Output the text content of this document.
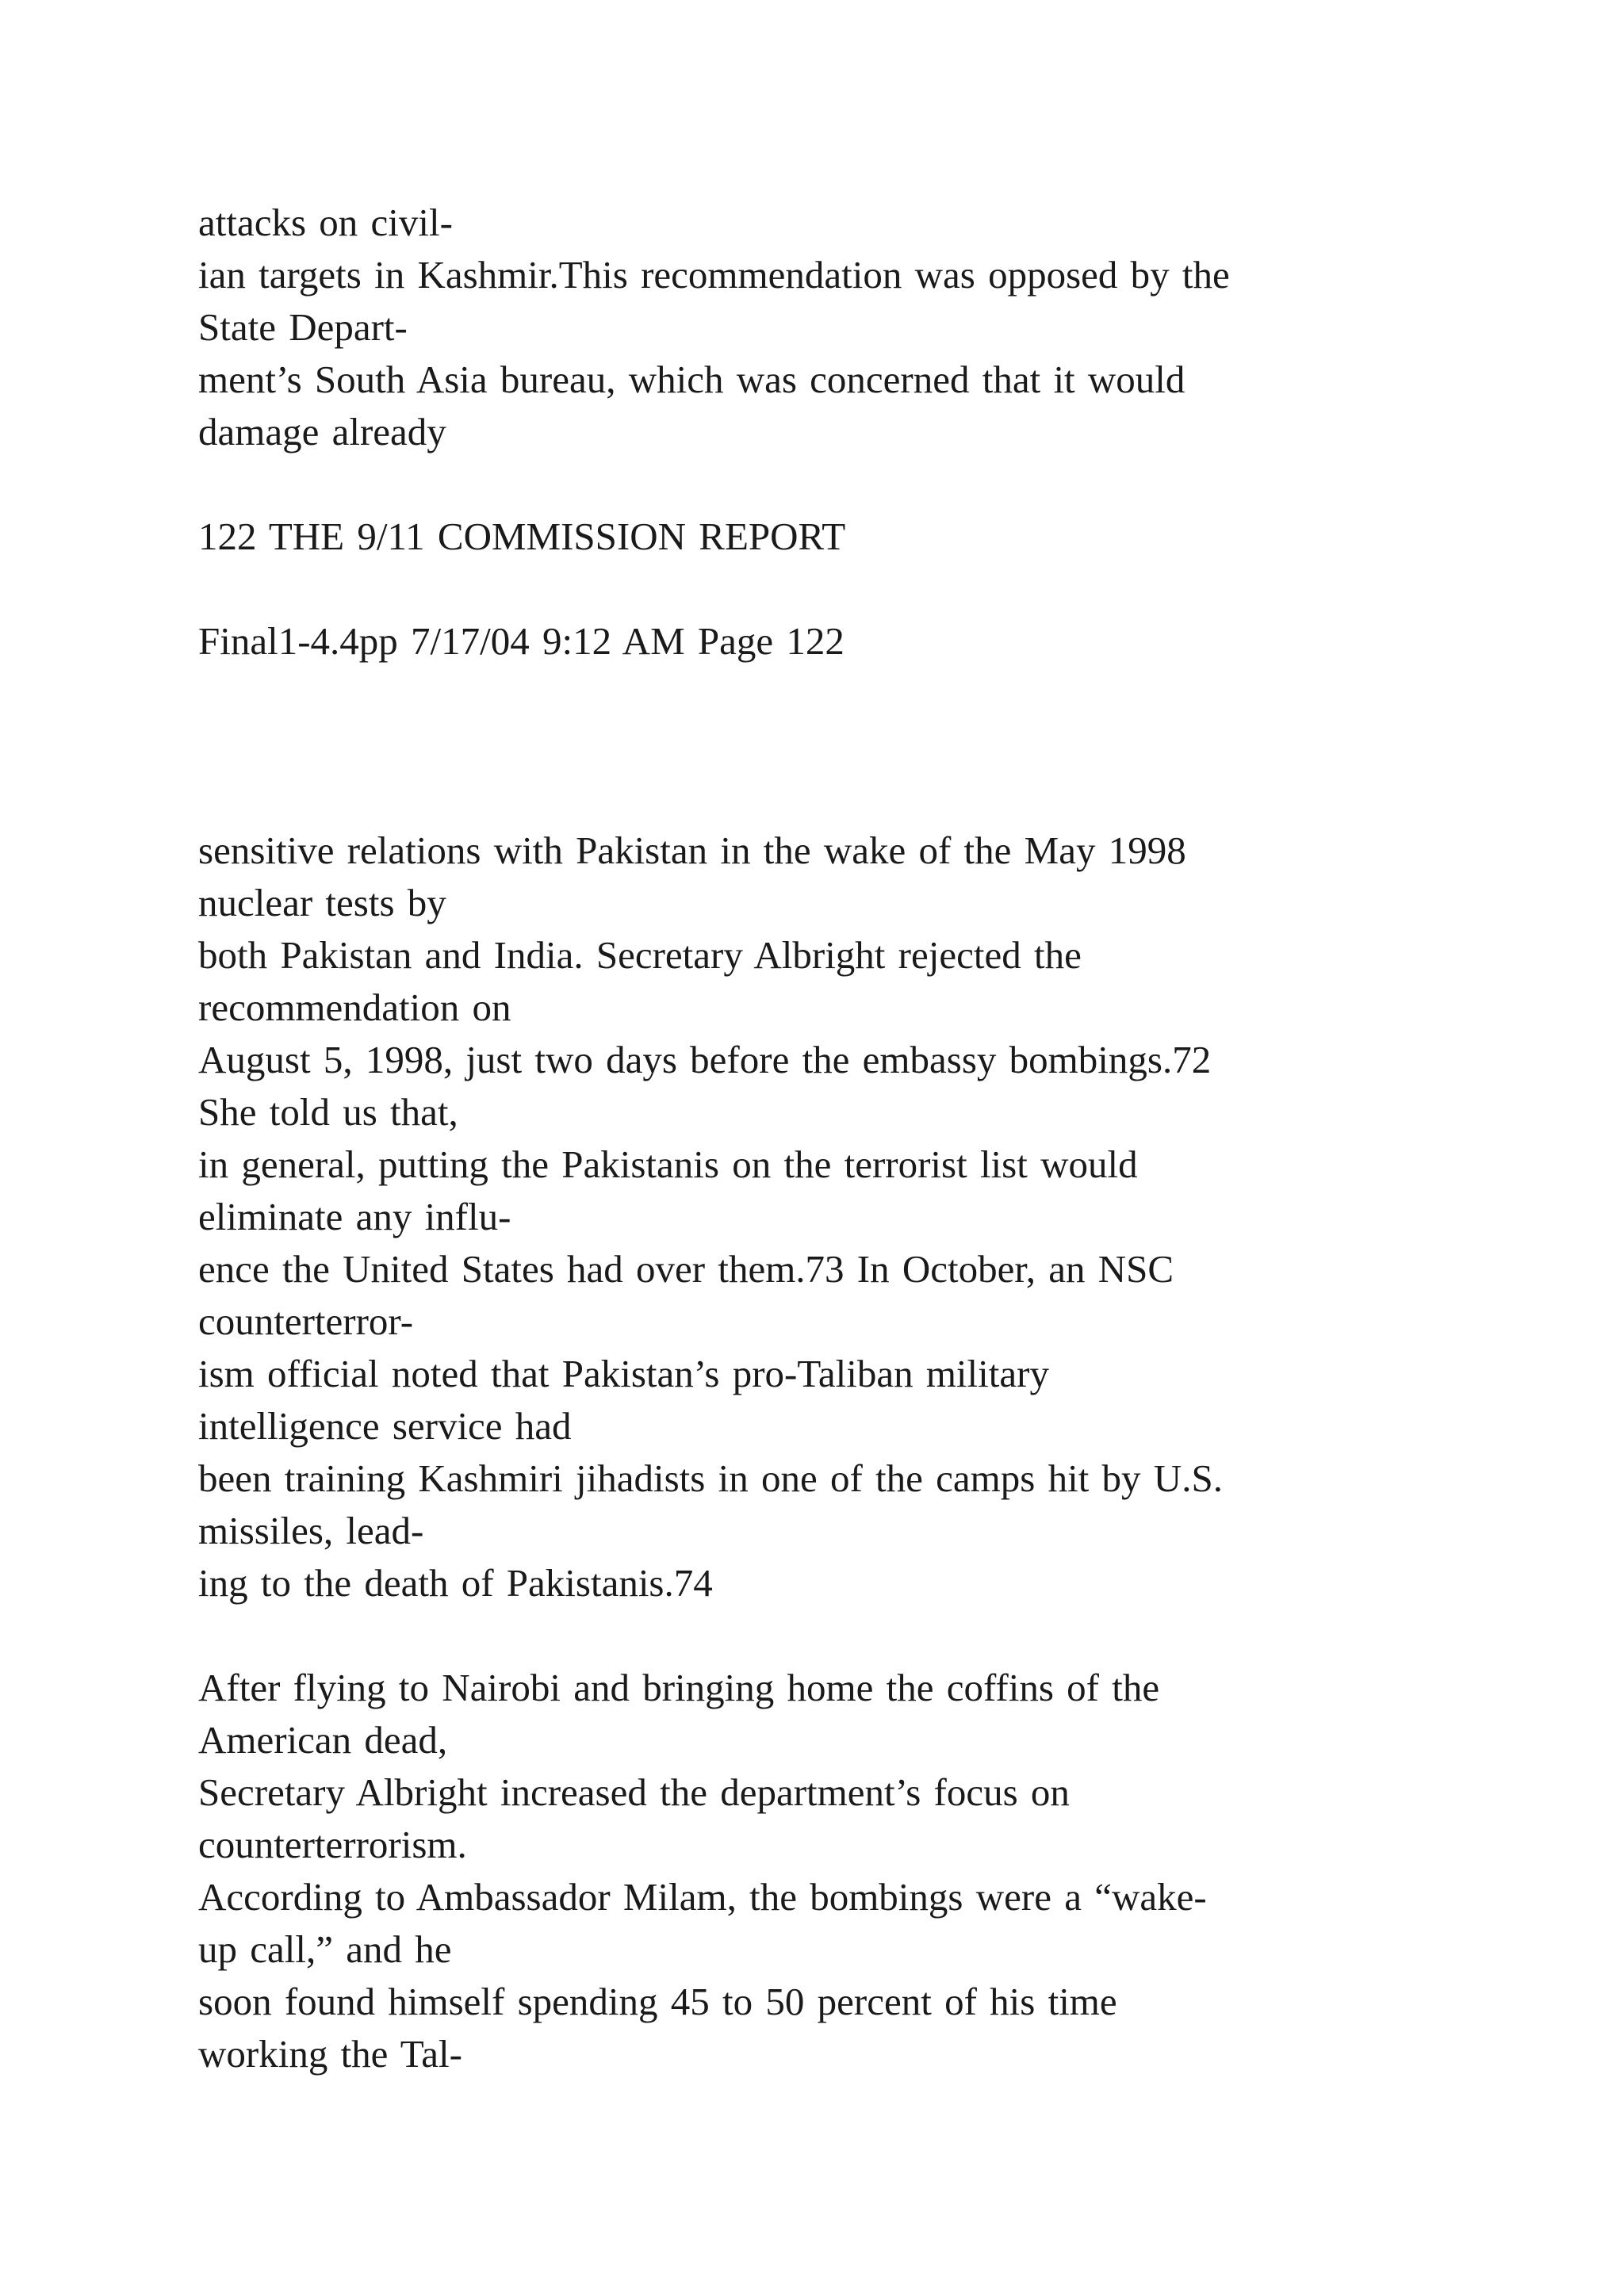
attacks on civil-
ian targets in Kashmir.This recommendation was opposed by the
State Depart-
ment’s South Asia bureau, which was concerned that it would
damage already
122 THE 9/11 COMMISSION REPORT
Final1-4.4pp 7/17/04 9:12 AM Page 122
sensitive relations with Pakistan in the wake of the May 1998
nuclear tests by
both Pakistan and India. Secretary Albright rejected the
recommendation on
August 5, 1998, just two days before the embassy bombings.72
She told us that,
in general, putting the Pakistanis on the terrorist list would
eliminate any influ-
ence the United States had over them.73 In October, an NSC
counterterror-
ism official noted that Pakistan’s pro-Taliban military
intelligence service had
been training Kashmiri jihadists in one of the camps hit by U.S.
missiles, lead-
ing to the death of Pakistanis.74
After flying to Nairobi and bringing home the coffins of the
American dead,
Secretary Albright increased the department’s focus on
counterterrorism.
According to Ambassador Milam, the bombings were a “wake-
up call,” and he
soon found himself spending 45 to 50 percent of his time
working the Tal-
